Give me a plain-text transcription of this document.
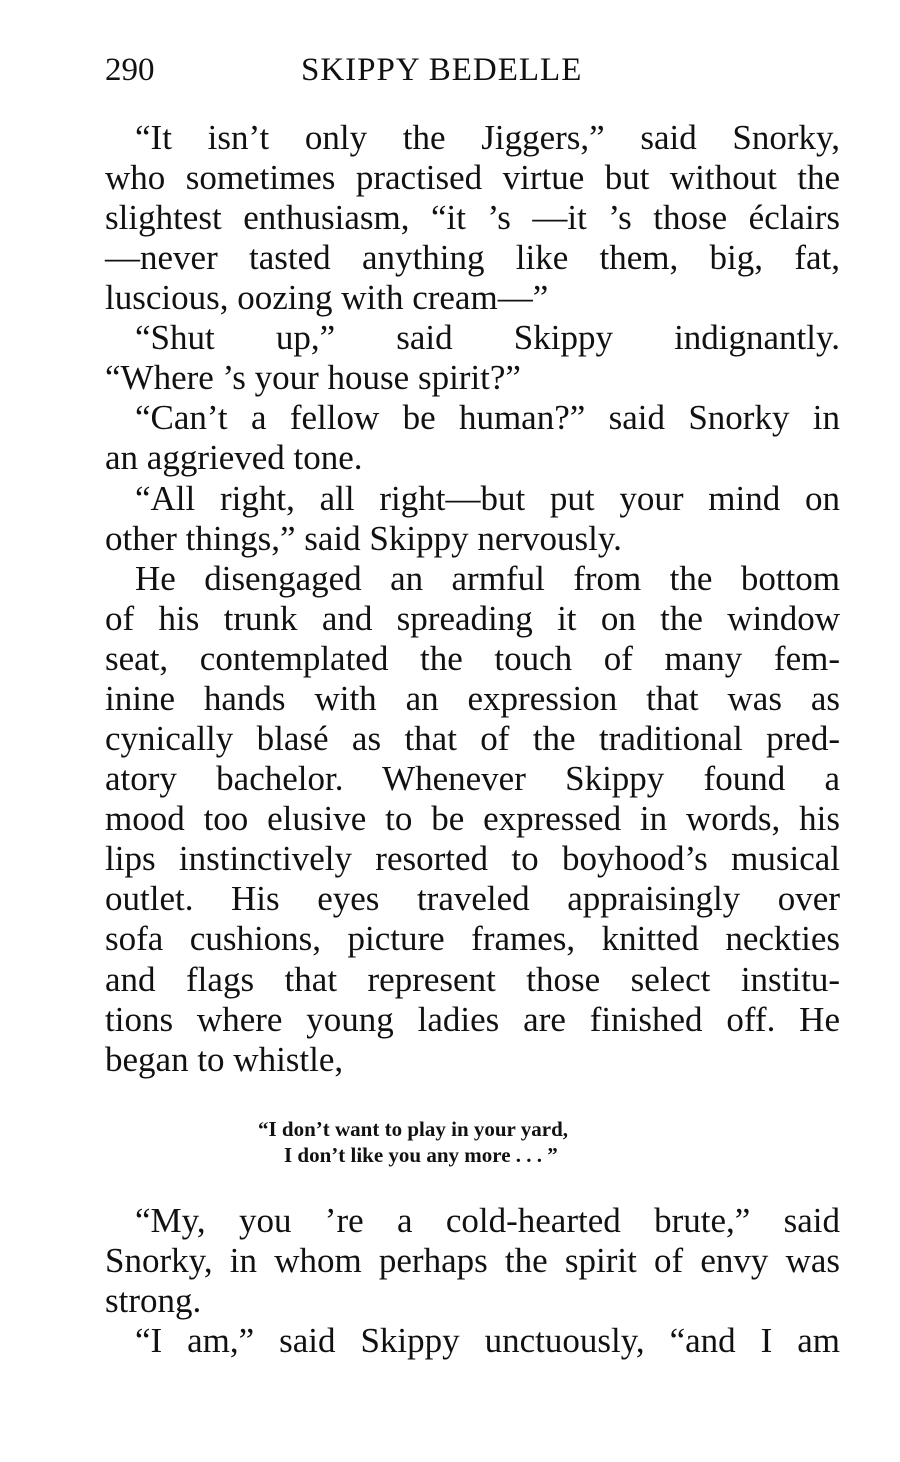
290	SKIPPY BEDELLE
“It isn’t only the Jiggers,” said Snorky,
who sometimes practised virtue but without the
slightest enthusiasm, “it ’s —it ’s those éclairs
—never tasted anything like them, big, fat,
luscious, oozing with cream—”
“Shut up,” said Skippy indignantly.
“Where ’s your house spirit?”
“Can’t a fellow be human?” said Snorky in
an aggrieved tone.
“All right, all right—but put your mind on
other things,” said Skippy nervously.
He disengaged an armful from the bottom
of his trunk and spreading it on the window
seat, contemplated the touch of many fem-
inine hands with an expression that was as
cynically blasé as that of the traditional pred-
atory bachelor. Whenever Skippy found a
mood too elusive to be expressed in words, his
lips instinctively resorted to boyhood’s musical
outlet. His eyes traveled appraisingly over
sofa cushions, picture frames, knitted neckties
and flags that represent those select institu-
tions where young ladies are finished off. He
began to whistle,
“I don’t want to play in your yard,
I don’t like you any more . . . ”
“My, you ’re a cold-hearted brute,” said
Snorky, in whom perhaps the spirit of envy was
strong.
“I am,” said Skippy unctuously, “and I am
